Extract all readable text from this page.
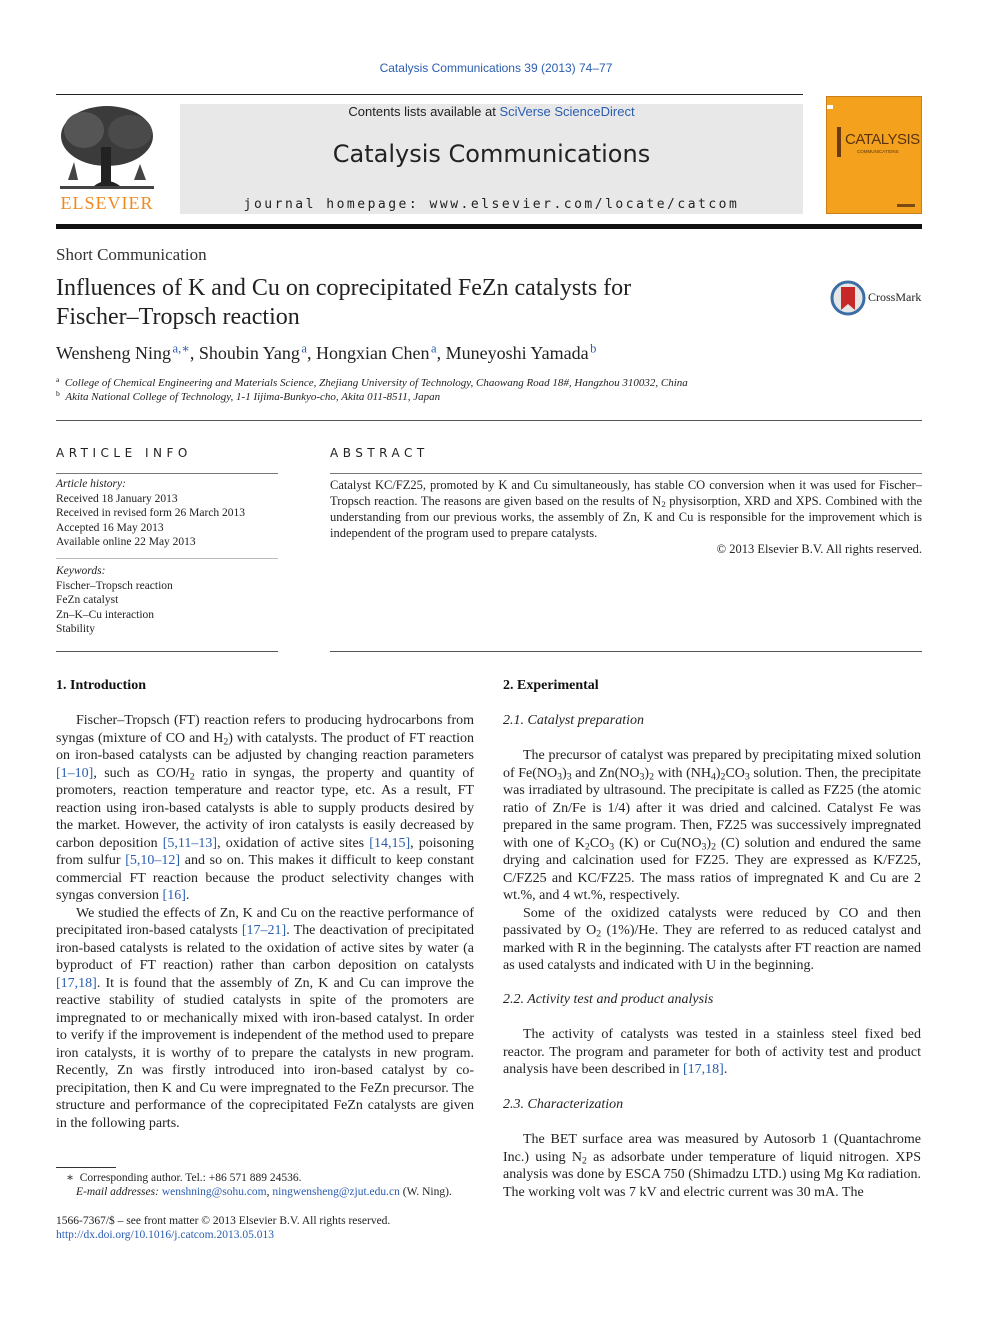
Catalysis Communications 39 (2013) 74–77
ELSEVIER
Contents lists available at SciVerse ScienceDirect
Catalysis Communications
journal homepage: www.elsevier.com/locate/catcom
CATALYSIS
COMMUNICATIONS
Short Communication
Influences of K and Cu on coprecipitated FeZn catalysts for
Fischer–Tropsch reaction
CrossMark
Wensheng Ning  $^{a,∗}$, Shoubin Yang  $^a$, Hongxian Chen  $^a$, Muneyoshi Yamada  $^b$
$^a$ College of Chemical Engineering and Materials Science, Zhejiang University of Technology, Chaowang Road 18#, Hangzhou 310032, China
$^b$ Akita National College of Technology, 1-1 Iijima-Bunkyo-cho, Akita 011-8511, Japan
ARTICLE INFO
Article history:
Received 18 January 2013
Received in revised form 26 March 2013
Accepted 16 May 2013
Available online 22 May 2013
Keywords:
Fischer–Tropsch reaction
FeZn catalyst
Zn–K–Cu interaction
Stability
ABSTRACT
Catalyst KC/FZ25, promoted by K and Cu simultaneously, has stable CO conversion when it was used for Fischer–Tropsch reaction. The reasons are given based on the results of $N_2$ physisorption, XRD and XPS. Combined with the understanding from our previous works, the assembly of Zn, K and Cu is responsible for the improvement which is independent of the program used to prepare catalysts.
© 2013 Elsevier B.V. All rights reserved.
1. Introduction

Fischer–Tropsch (FT) reaction refers to producing hydrocarbons from syngas (mixture of CO and $H_2$) with catalysts. The product of FT reaction on iron-based catalysts can be adjusted by changing reaction parameters [1–10], such as $CO/H_2$ ratio in syngas, the property and quantity of promoters, reaction temperature and reactor type, etc. As a result, FT reaction using iron-based catalysts is able to supply products desired by the market. However, the activity of iron catalysts is easily decreased by carbon deposition [5,11–13], oxidation of active sites [14,15], poisoning from sulfur [5,10–12] and so on. This makes it difficult to keep constant commercial FT reaction because the product selectivity changes with syngas conversion [16].

We studied the effects of Zn, K and Cu on the reactive performance of precipitated iron-based catalysts [17–21]. The deactivation of precipitated iron-based catalysts is related to the oxidation of active sites by water (a byproduct of FT reaction) rather than carbon deposition on catalysts [17,18]. It is found that the assembly of Zn, K and Cu can improve the reactive stability of studied catalysts in spite of the promoters are impregnated to or mechanically mixed with iron-based catalyst. In order to verify if the improvement is independent of the method used to prepare iron catalysts, it is worthy of to prepare the catalysts in new program. Recently, Zn was firstly introduced into iron-based catalyst by co-precipitation, then K and Cu were impregnated to the FeZn precursor. The structure and performance of the coprecipitated FeZn catalysts are given in the following parts.

2. Experimental
2.1. Catalyst preparation

The precursor of catalyst was prepared by precipitating mixed solution of $Fe(NO_3)_3$ and $Zn(NO_3)_2$ with $(NH_4)_2CO_3$ solution. Then, the precipitate was irradiated by ultrasound. The precipitate is called as FZ25 (the atomic ratio of Zn/Fe is 1/4) after it was dried and calcined. Catalyst Fe was prepared in the same program. Then, FZ25 was successively impregnated with one of $K_2CO_3$ (K) or $Cu(NO_3)_2$ (C) solution and endured the same drying and calcination used for FZ25. They are expressed as K/FZ25, C/FZ25 and KC/FZ25. The mass ratios of impregnated K and Cu are 2 wt.%, and 4 wt.%, respectively.

Some of the oxidized catalysts were reduced by CO and then passivated by $O_2$ (1%)/He. They are referred to as reduced catalyst and marked with R in the beginning. The catalysts after FT reaction are named as used catalysts and indicated with U in the beginning.

2.2. Activity test and product analysis

The activity of catalysts was tested in a stainless steel fixed bed reactor. The program and parameter for both of activity test and product analysis have been described in [17,18].

2.3. Characterization

The BET surface area was measured by Autosorb 1 (Quantachrome Inc.) using $N_2$ as adsorbate under temperature of liquid nitrogen. XPS analysis was done by ESCA 750 (Shimadzu LTD.) using Mg Kα radiation. The working volt was 7 kV and electric current was 30 mA. The

∗ Corresponding author. Tel.: +86 571 889 24536.
E-mail addresses: wenshning@sohu.com, ningwensheng@zjut.edu.cn (W. Ning).
1566-7367/$ – see front matter © 2013 Elsevier B.V. All rights reserved.
http://dx.doi.org/10.1016/j.catcom.2013.05.013
